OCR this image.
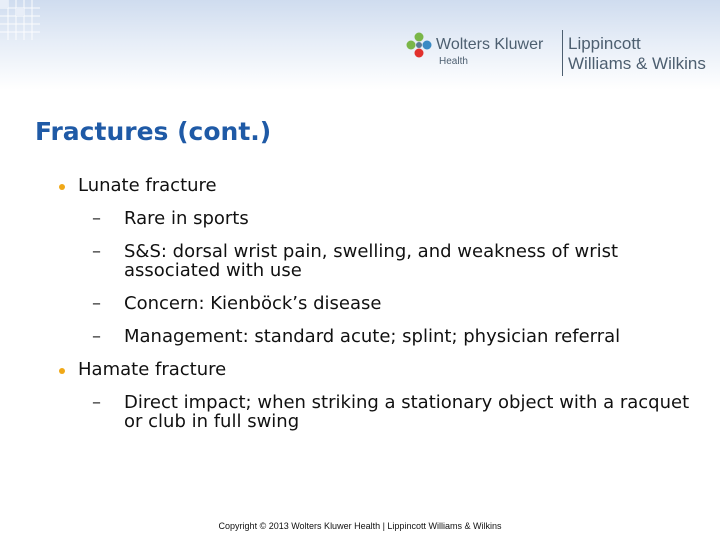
Wolters Kluwer
Health
Lippincott
Williams & Wilkins
Fractures (cont.)
Lunate fracture
– Rare in sports
– S&S: dorsal wrist pain, swelling, and weakness of wrist associated with use
– Concern: Kienböck’s disease
– Management: standard acute; splint; physician referral
Hamate fracture
– Direct impact; when striking a stationary object with a racquet or club in full swing
Copyright © 2013 Wolters Kluwer Health | Lippincott Williams & Wilkins
